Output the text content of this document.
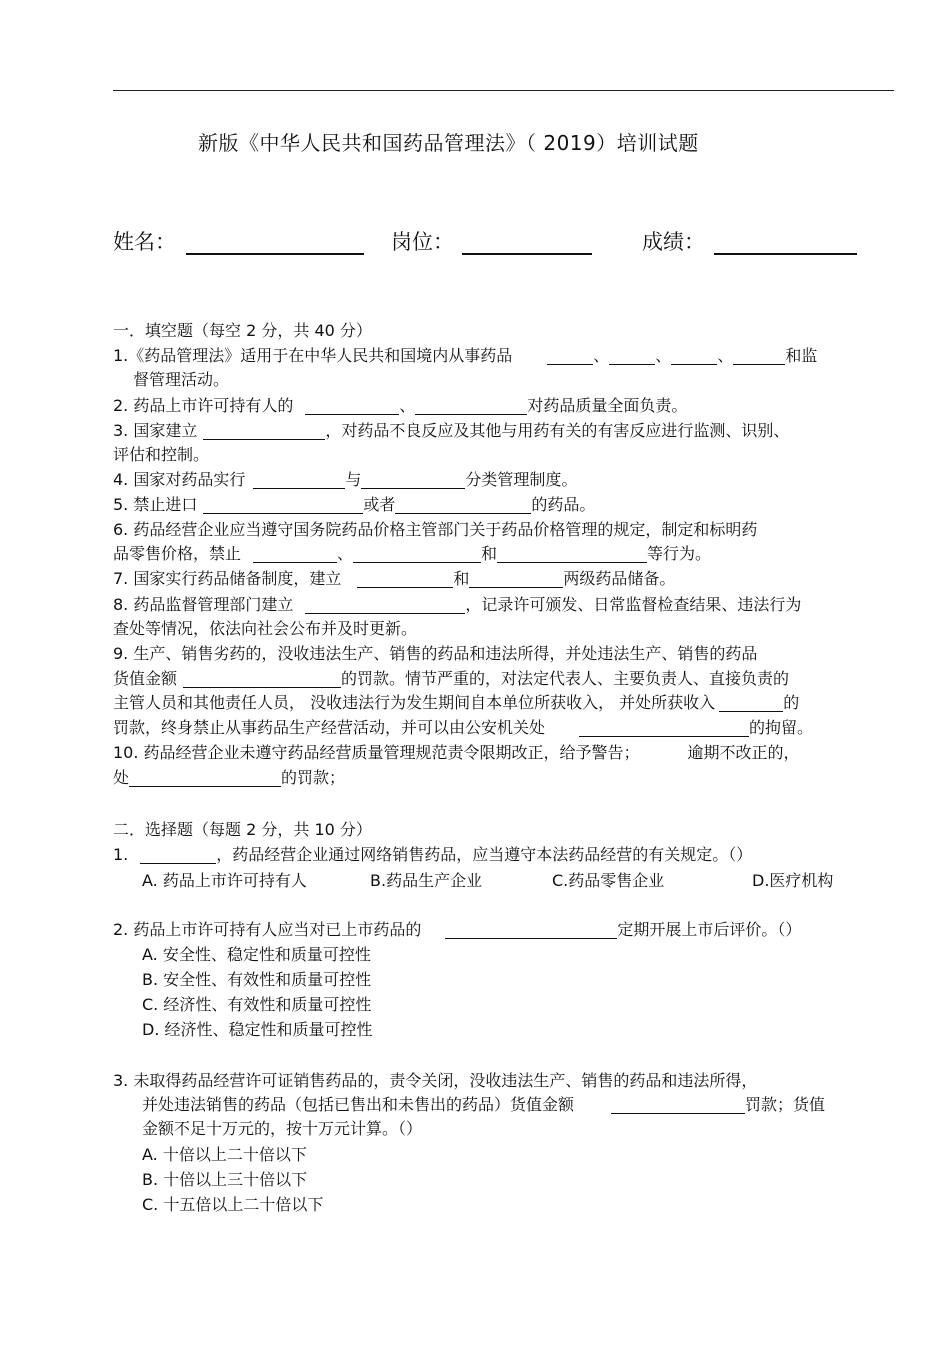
新版《中华人民共和国药品管理法》（ 2019）培训试题
姓名：	岗位：	成绩：
一．填空题（每空 2 分，共 40 分）
1.《药品管理法》适用于在中华人民共和国境内从事药品	、	、	、	和监
督管理活动。
2. 药品上市许可持有人的	、	对药品质量全面负责。
3. 国家建立	，对药品不良反应及其他与用药有关的有害反应进行监测、识别、
评估和控制。
4. 国家对药品实行	与	分类管理制度。
5. 禁止进口	或者	的药品。
6. 药品经营企业应当遵守国务院药品价格主管部门关于药品价格管理的规定，制定和标明药
品零售价格，禁止	、	和	等行为。
7. 国家实行药品储备制度，建立	和	两级药品储备。
8. 药品监督管理部门建立	，记录许可颁发、日常监督检查结果、违法行为
查处等情况，依法向社会公布并及时更新。
9. 生产、销售劣药的，没收违法生产、销售的药品和违法所得，并处违法生产、销售的药品
货值金额	的罚款。情节严重的，对法定代表人、主要负责人、直接负责的
主管人员和其他责任人员， 没收违法行为发生期间自本单位所获收入， 并处所获收入	的
罚款，终身禁止从事药品生产经营活动，并可以由公安机关处	的拘留。
10. 药品经营企业未遵守药品经营质量管理规范责令限期改正，给予警告；	逾期不改正的，
处	的罚款；
二．选择题（每题 2 分，共 10 分）
1.	，药品经营企业通过网络销售药品，应当遵守本法药品经营的有关规定。（）
A. 药品上市许可持有人	B.药品生产企业	C.药品零售企业	D.医疗机构
2. 药品上市许可持有人应当对已上市药品的	定期开展上市后评价。（）
A. 安全性、稳定性和质量可控性
B. 安全性、有效性和质量可控性
C. 经济性、有效性和质量可控性
D. 经济性、稳定性和质量可控性
3. 未取得药品经营许可证销售药品的，责令关闭，没收违法生产、销售的药品和违法所得，
并处违法销售的药品（包括已售出和未售出的药品）货值金额	罚款；货值
金额不足十万元的，按十万元计算。（）
A. 十倍以上二十倍以下
B. 十倍以上三十倍以下
C. 十五倍以上二十倍以下
